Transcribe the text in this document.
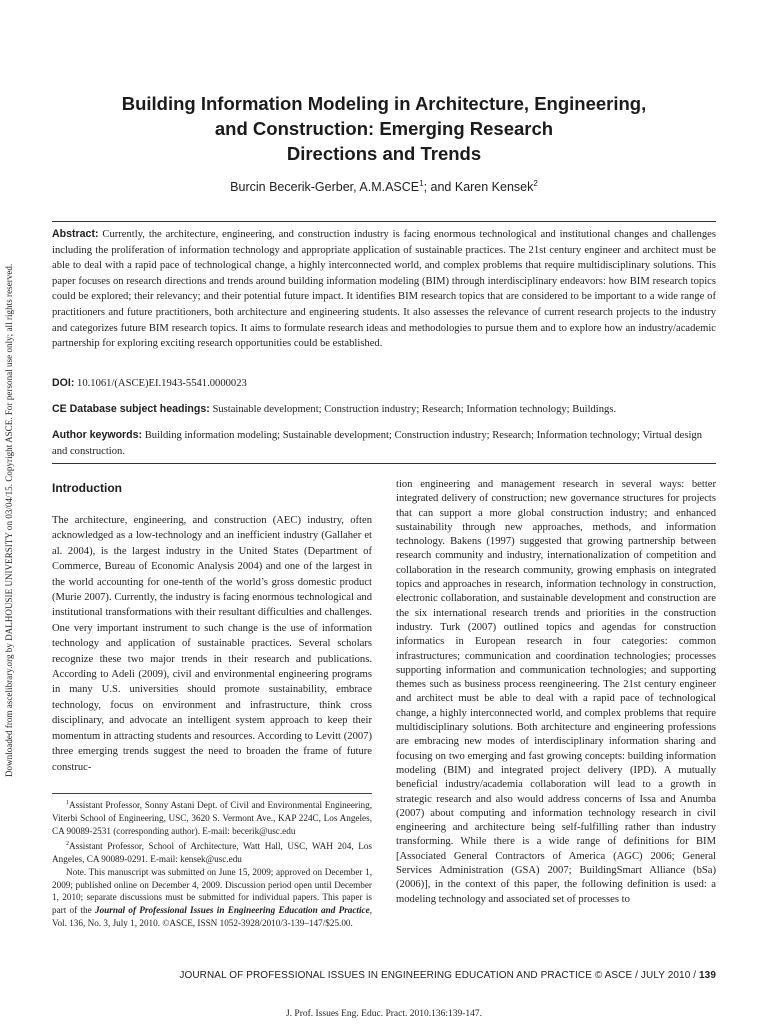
Downloaded from ascelibrary.org by DALHOUSIE UNIVERSITY on 03/04/15. Copyright ASCE. For personal use only; all rights reserved.
Building Information Modeling in Architecture, Engineering,
and Construction: Emerging Research
Directions and Trends
Burcin Becerik-Gerber, A.M.ASCE$^1$; and Karen Kensek$^2$

Abstract: Currently, the architecture, engineering, and construction industry is facing enormous technological and institutional changes and challenges including the proliferation of information technology and appropriate application of sustainable practices. The 21st century engineer and architect must be able to deal with a rapid pace of technological change, a highly interconnected world, and complex problems that require multidisciplinary solutions. This paper focuses on research directions and trends around building information modeling (BIM) through interdisciplinary endeavors: how BIM research topics could be explored; their relevancy; and their potential future impact. It identifies BIM research topics that are considered to be important to a wide range of practitioners and future practitioners, both architecture and engineering students. It also assesses the relevance of current research projects to the industry and categorizes future BIM research topics. It aims to formulate research ideas and methodologies to pursue them and to explore how an industry/academic partnership for exploring exciting research opportunities could be established.

DOI: 10.1061/(ASCE)EI.1943-5541.0000023
CE Database subject headings: Sustainable development; Construction industry; Research; Information technology; Buildings.
Author keywords: Building information modeling; Sustainable development; Construction industry; Research; Information technology; Virtual design and construction.
Introduction

The architecture, engineering, and construction (AEC) industry, often acknowledged as a low-technology and an inefficient industry (Gallaher et al. 2004), is the largest industry in the United States (Department of Commerce, Bureau of Economic Analysis 2004) and one of the largest in the world accounting for one-tenth of the world’s gross domestic product (Murie 2007). Currently, the industry is facing enormous technological and institutional transformations with their resultant difficulties and challenges. One very important instrument to such change is the use of information technology and application of sustainable practices. Several scholars recognize these two major trends in their research and publications. According to Adeli (2009), civil and environmental engineering programs in many U.S. universities should promote sustainability, embrace technology, focus on environment and infrastructure, think cross disciplinary, and advocate an intelligent system approach to keep their momentum in attracting students and resources. According to Levitt (2007) three emerging trends suggest the need to broaden the frame of future construc-

$^1$Assistant Professor, Sonny Astani Dept. of Civil and Environmental Engineering, Viterbi School of Engineering, USC, 3620 S. Vermont Ave., KAP 224C, Los Angeles, CA 90089-2531 (corresponding author). E-mail: becerik@usc.edu

$^2$Assistant Professor, School of Architecture, Watt Hall, USC, WAH 204, Los Angeles, CA 90089-0291. E-mail: kensek@usc.edu

Note. This manuscript was submitted on June 15, 2009; approved on December 1, 2009; published online on December 4, 2009. Discussion period open until December 1, 2010; separate discussions must be submitted for individual papers. This paper is part of the Journal of Professional Issues in Engineering Education and Practice, Vol. 136, No. 3, July 1, 2010. ©ASCE, ISSN 1052-3928/2010/3-139–147/$25.00.

tion engineering and management research in several ways: better integrated delivery of construction; new governance structures for projects that can support a more global construction industry; and enhanced sustainability through new approaches, methods, and information technology. Bakens (1997) suggested that growing partnership between research community and industry, internationalization of competition and collaboration in the research community, growing emphasis on integrated topics and approaches in research, information technology in construction, electronic collaboration, and sustainable development and construction are the six international research trends and priorities in the construction industry. Turk (2007) outlined topics and agendas for construction informatics in European research in four categories: common infrastructures; communication and coordination technologies; processes supporting information and communication technologies; and supporting themes such as business process reengineering. The 21st century engineer and architect must be able to deal with a rapid pace of technological change, a highly interconnected world, and complex problems that require multidisciplinary solutions. Both architecture and engineering professions are embracing new modes of interdisciplinary information sharing and focusing on two emerging and fast growing concepts: building information modeling (BIM) and integrated project delivery (IPD). A mutually beneficial industry/academia collaboration will lead to a growth in strategic research and also would address concerns of Issa and Anumba (2007) about computing and information technology research in civil engineering and architecture being self-fulfilling rather than industry transforming. While there is a wide range of definitions for BIM [Associated General Contractors of America (AGC) 2006; General Services Administration (GSA) 2007; BuildingSmart Alliance (bSa) (2006)], in the context of this paper, the following definition is used: a modeling technology and associated set of processes to

JOURNAL OF PROFESSIONAL ISSUES IN ENGINEERING EDUCATION AND PRACTICE © ASCE / JULY 2010 / 139
J. Prof. Issues Eng. Educ. Pract. 2010.136:139-147.
